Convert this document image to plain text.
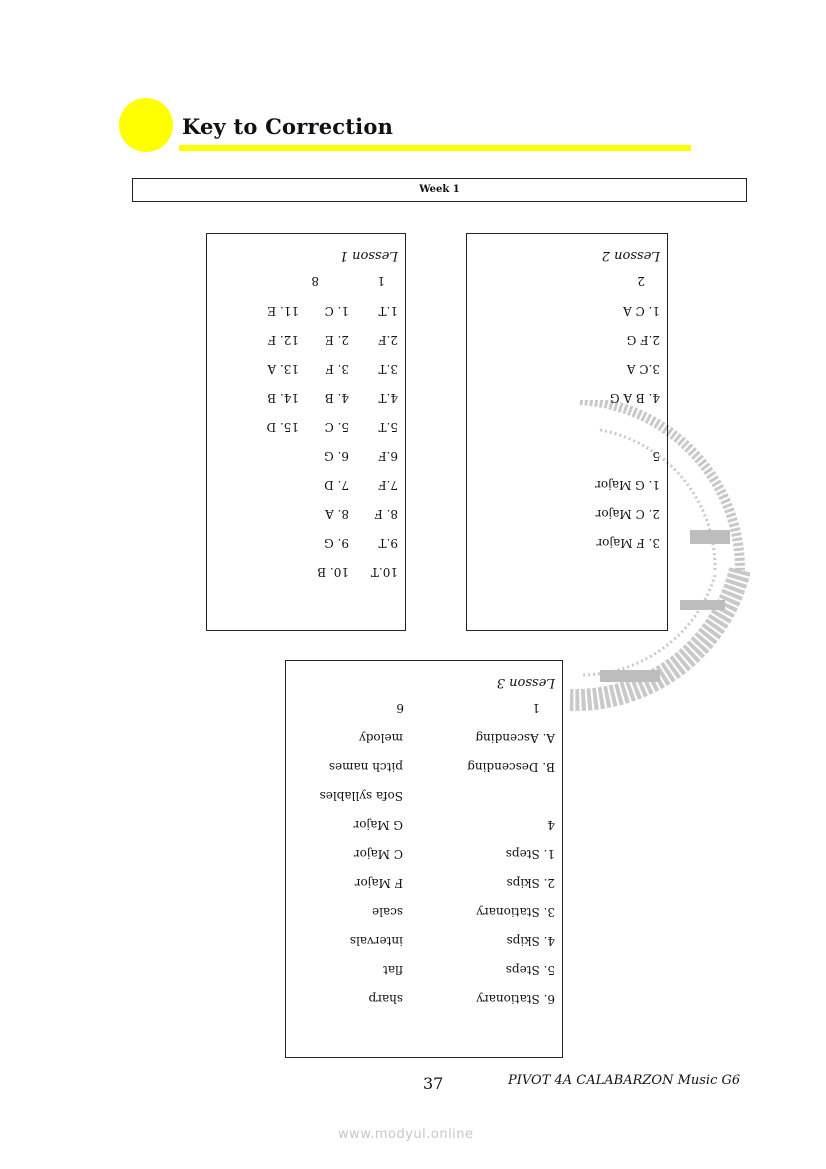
Key to Correction
Week 1
Lesson 1
1
8
1.T
1. C
11. E
2.F
2. E
12. F
3.T
3. F
13. A
4.T
4. B
14. B
5.T
5. C
15. D
6.F
6. G
7.F
7. D
8. F
8. A
9.T
9. G
10.T
10. B
Lesson 2
2
1. C A
2.F G
3.C A
4. B A G
5
1. G Major
2. C Major
3. F Major
Lesson 3
1
6
A. Ascending
B. Descending
melody
pitch names
Sofa syllables
G Major
C Major
F Major
scale
intervals
flat
sharp
4
1. Steps
2. Skips
3. Stationary
4. Skips
5. Steps
6. Stationary
37	PIVOT 4A CALABARZON Music G6
www.modyul.online
